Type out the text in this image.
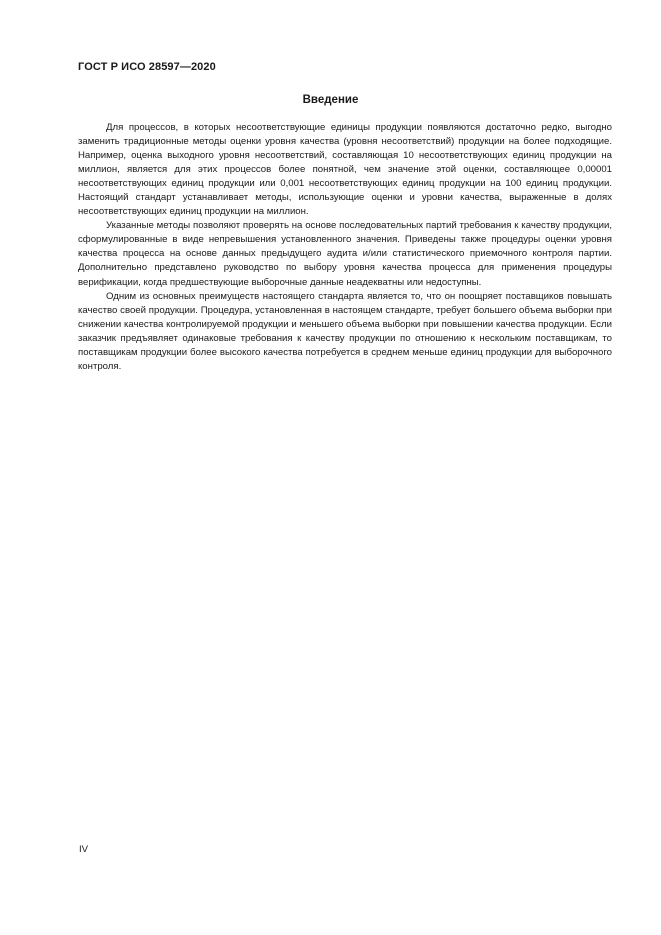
ГОСТ Р ИСО 28597—2020
Введение

Для процессов, в которых несоответствующие единицы продукции появляются достаточно редко, выгодно заменить традиционные методы оценки уровня качества (уровня несоответствий) продукции на более подходящие. Например, оценка выходного уровня несоответствий, составляющая 10 несоответствующих единиц продукции на миллион, является для этих процессов более понятной, чем значение этой оценки, составляющее 0,00001 несоответствующих единиц продукции или 0,001 несоответствующих единиц продукции на 100 единиц продукции. Настоящий стандарт устанавливает методы, использующие оценки и уровни качества, выраженные в долях несоответствующих единиц продукции на миллион.

Указанные методы позволяют проверять на основе последовательных партий требования к качеству продукции, сформулированные в виде непревышения установленного значения. Приведены также процедуры оценки уровня качества процесса на основе данных предыдущего аудита и/или статистического приемочного контроля партии. Дополнительно представлено руководство по выбору уровня качества процесса для применения процедуры верификации, когда предшествующие выборочные данные неадекватны или недоступны.

Одним из основных преимуществ настоящего стандарта является то, что он поощряет поставщиков повышать качество своей продукции. Процедура, установленная в настоящем стандарте, требует большего объема выборки при снижении качества контролируемой продукции и меньшего объема выборки при повышении качества продукции. Если заказчик предъявляет одинаковые требования к качеству продукции по отношению к нескольким поставщикам, то поставщикам продукции более высокого качества потребуется в среднем меньше единиц продукции для выборочного контроля.

IV
